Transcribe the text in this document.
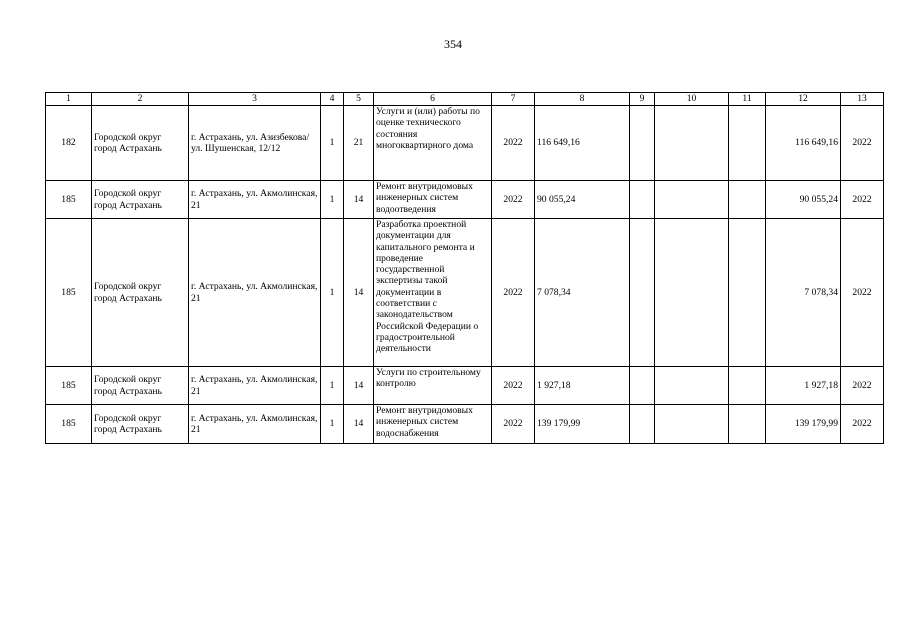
354
1	2	3	4	5	6	7	8	9	10	11	12	13
182	Городской округ город Астрахань	г. Астрахань, ул. Азизбекова/ ул. Шушенская, 12/12	1	21	Услуги и (или) работы по оценке технического состояния многоквартирного дома	2022	116 649,16				116 649,16	2022
185	Городской округ город Астрахань	г. Астрахань, ул. Акмолинская, 21	1	14	Ремонт внутридомовых инженерных систем водоотведения	2022	90 055,24				90 055,24	2022
185	Городской округ город Астрахань	г. Астрахань, ул. Акмолинская, 21	1	14	Разработка проектной документации для капитального ремонта и проведение государственной экспертизы такой документации в соответствии с законодательством Российской Федерации о градостроительной деятельности	2022	7 078,34				7 078,34	2022
185	Городской округ город Астрахань	г. Астрахань, ул. Акмолинская, 21	1	14	Услуги по строительному контролю	2022	1 927,18				1 927,18	2022
185	Городской округ город Астрахань	г. Астрахань, ул. Акмолинская, 21	1	14	Ремонт внутридомовых инженерных систем водоснабжения	2022	139 179,99				139 179,99	2022
